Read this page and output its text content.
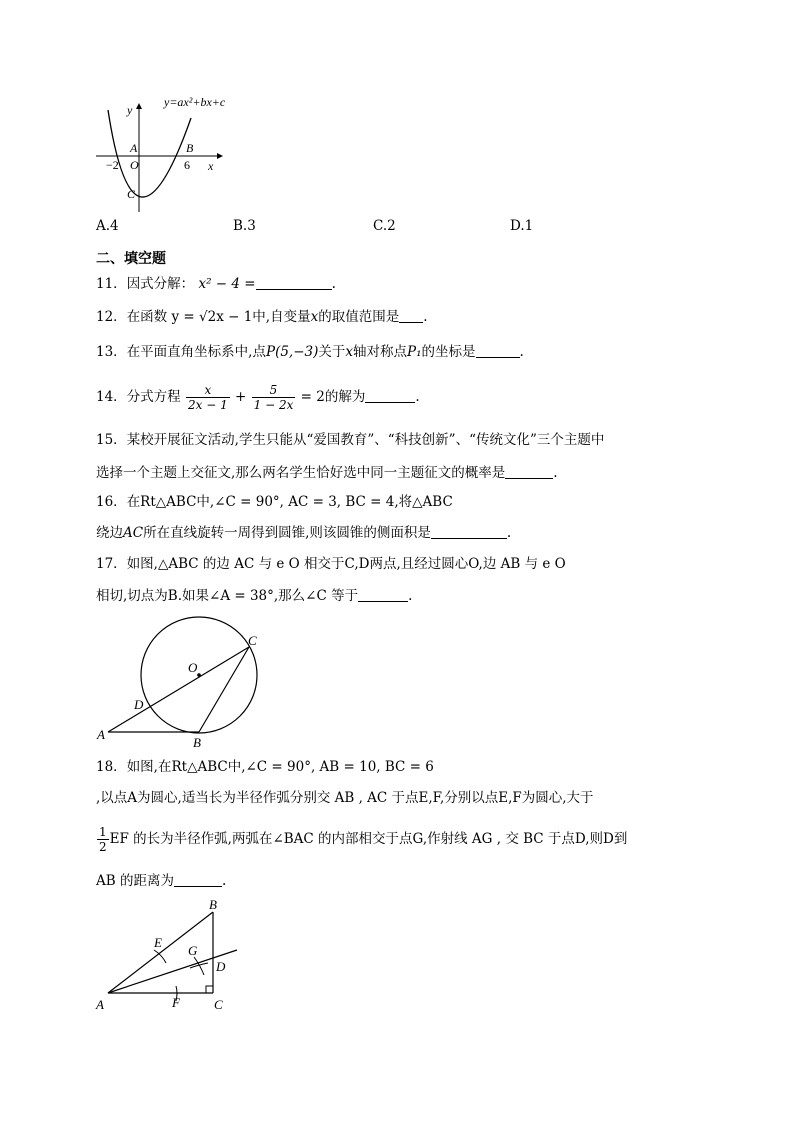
y=ax²+bx+c
y
x
A	B
C
O
−2	6
A.4	B.3	C.2	D.1
二、填空题
11．因式分解： x² − 4 =	.
12．在函数 y = √2x − 1中,自变量x的取值范围是 .
13．在平面直角坐标系中,点P(5,−3)关于x轴对称点P₁的坐标是	.
14．分式方程 $\frac{x}{2x - 1} + \frac{5}{1 - 2x} = 2$的解为	.
15．某校开展征文活动,学生只能从“爱国教育”、“科技创新”、“传统文化”三个主题中
选择一个主题上交征文,那么两名学生恰好选中同一主题征文的概率是	.
16．在Rt△ABC中,∠C = 90°, AC = 3, BC = 4,将△ABC
绕边AC所在直线旋转一周得到圆锥,则该圆锥的侧面积是	.
17．如图,△ABC 的边 AC 与 e O 相交于C,D两点,且经过圆心O,边 AB 与 e O
相切,切点为B.如果∠A = 38°,那么∠C 等于	.
O
C
D
A
B
18．如图,在Rt△ABC中,∠C = 90°, AB = 10, BC = 6
,以点A为圆心,适当长为半径作弧分别交 AB , AC 于点E,F,分别以点E,F为圆心,大于
$\frac{1}{2}$ EF 的长为半径作弧,两弧在∠BAC 的内部相交于点G,作射线 AG , 交 BC 于点D,则D到
AB 的距离为	.
A
B
C
D
E
F
G
